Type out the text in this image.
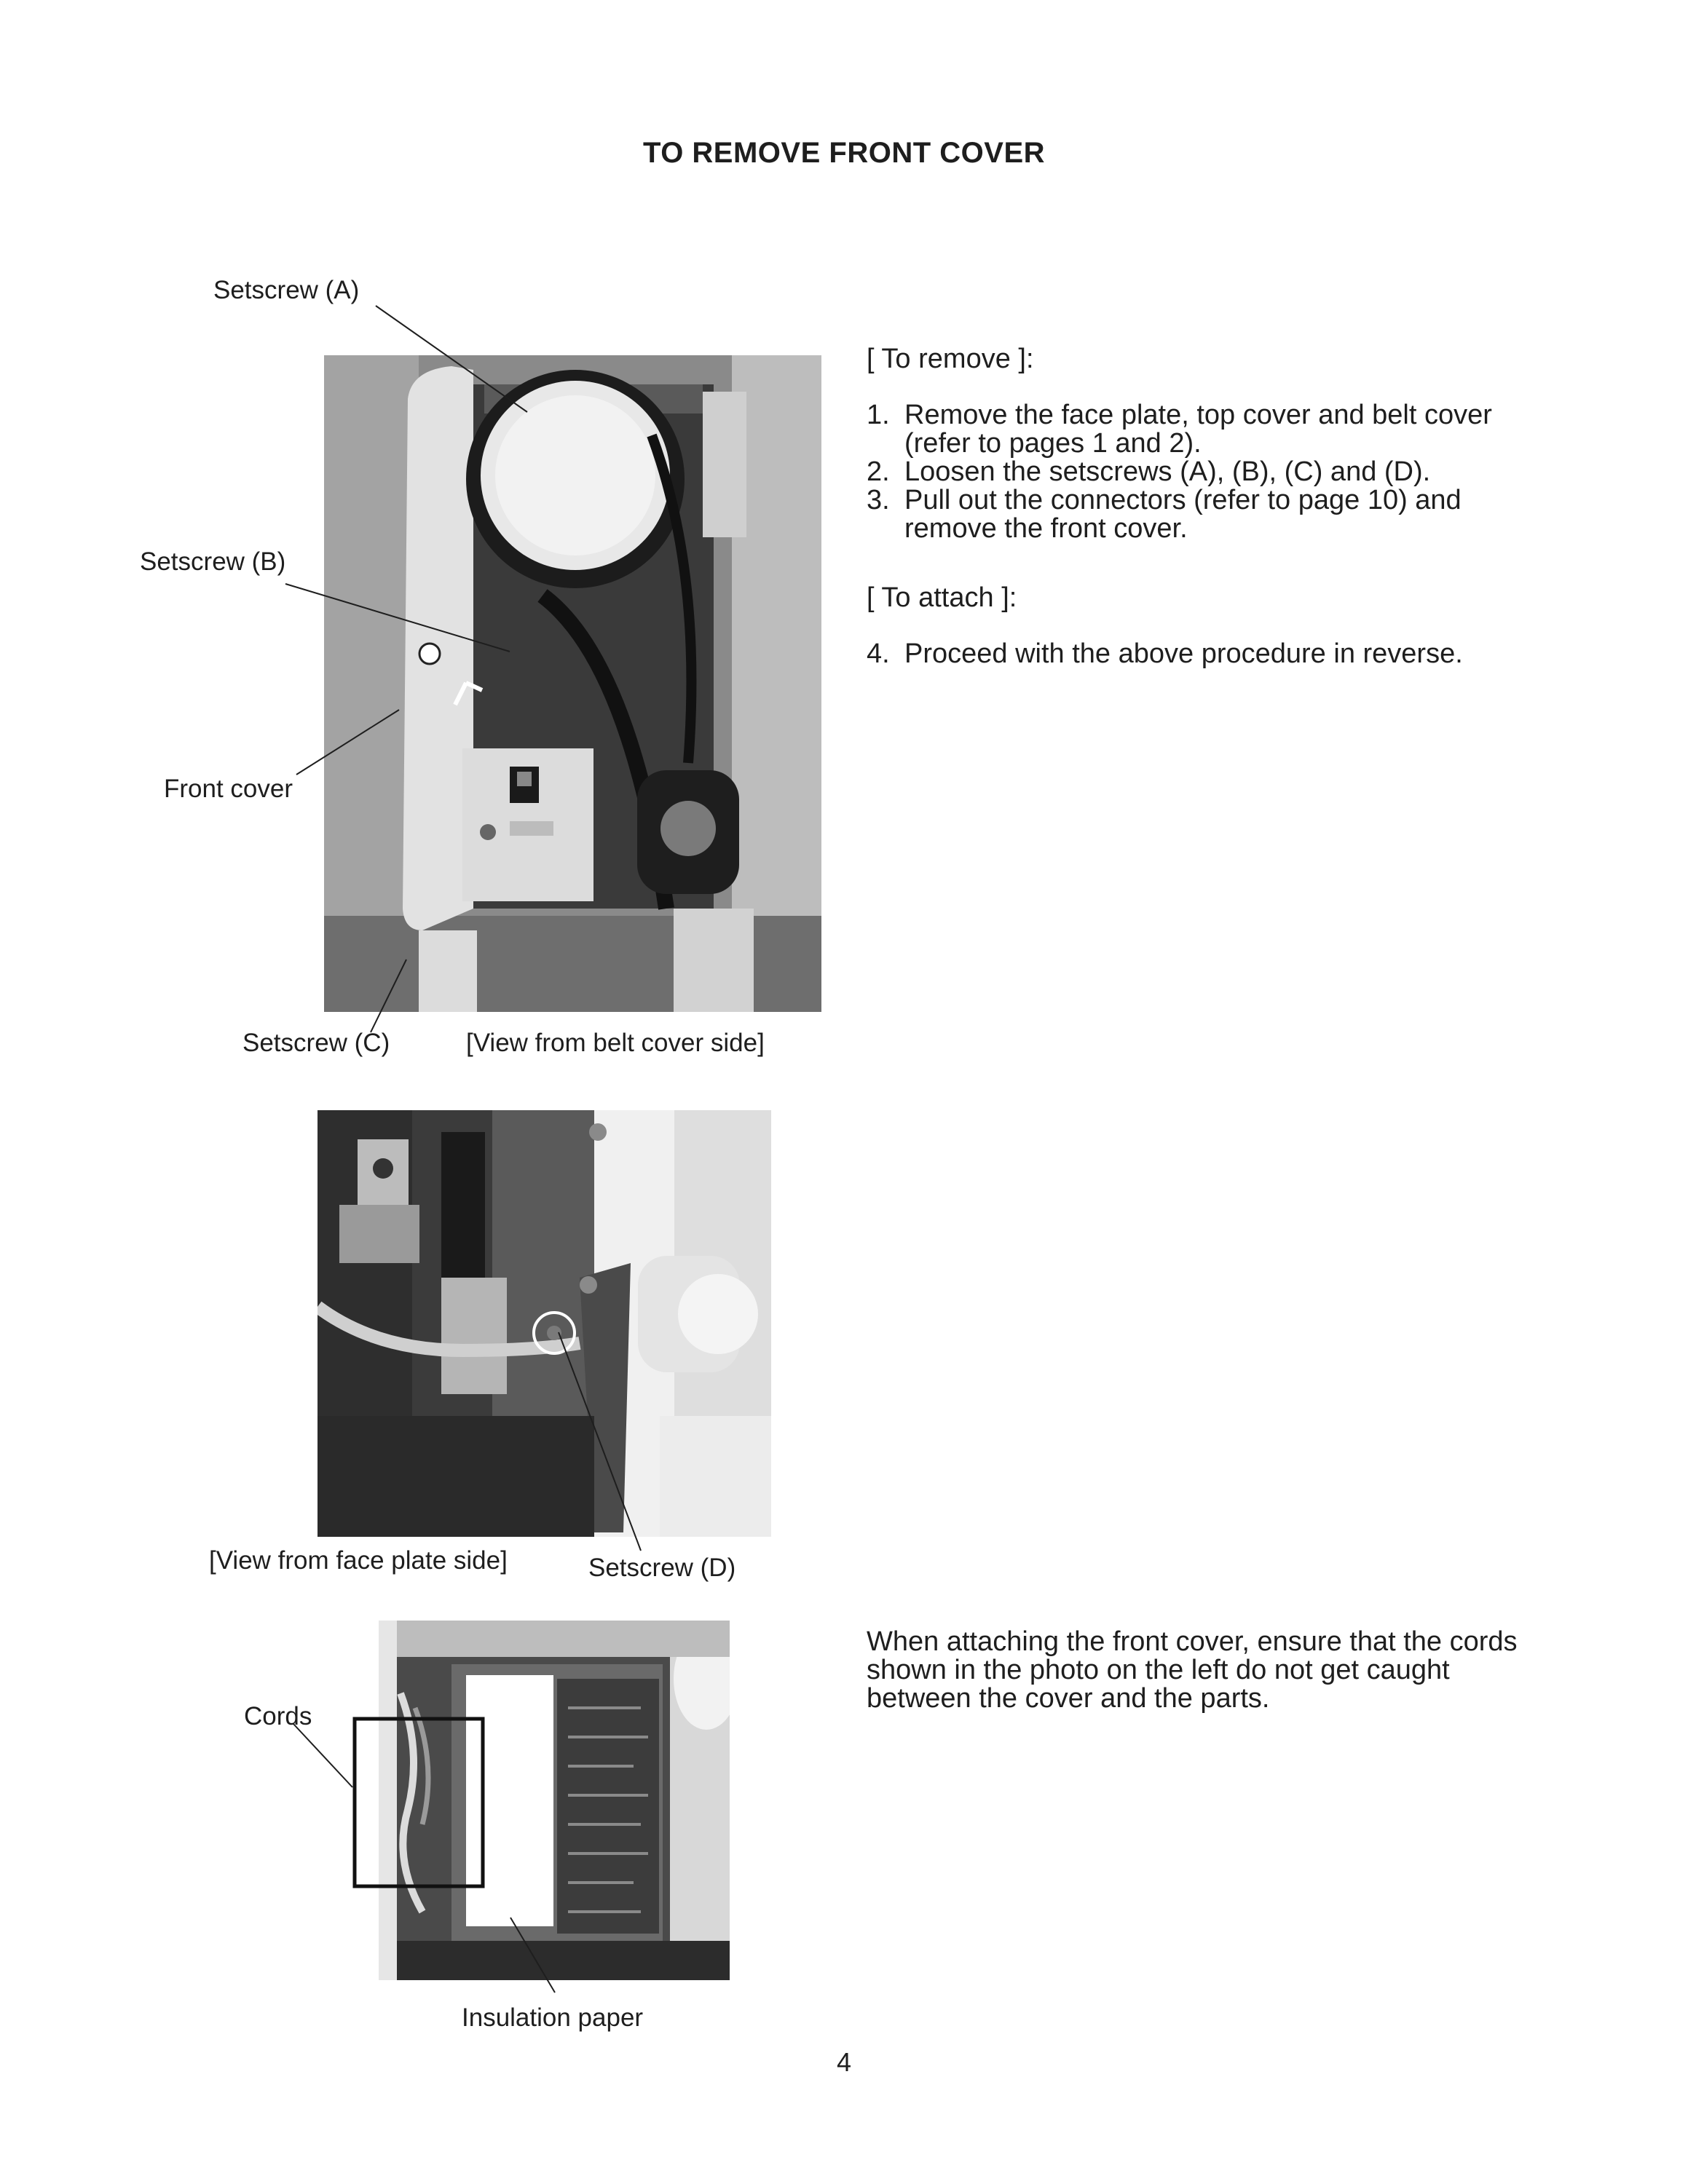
TO REMOVE FRONT COVER
Setscrew (A)
Setscrew (B)
Front cover
Setscrew (C)	[View from belt cover side]
[View from face plate side]	Setscrew (D)
Cords
Insulation paper
[ To remove ]:
1. Remove the face plate, top cover and belt cover (refer to pages 1 and 2).
2. Loosen the setscrews (A), (B), (C) and (D).
3. Pull out the connectors (refer to page 10) and remove the front cover.
[ To attach ]:
4. Proceed with the above procedure in reverse.
When attaching the front cover, ensure that the cords shown in the photo on the left do not get caught between the cover and the parts.
4
